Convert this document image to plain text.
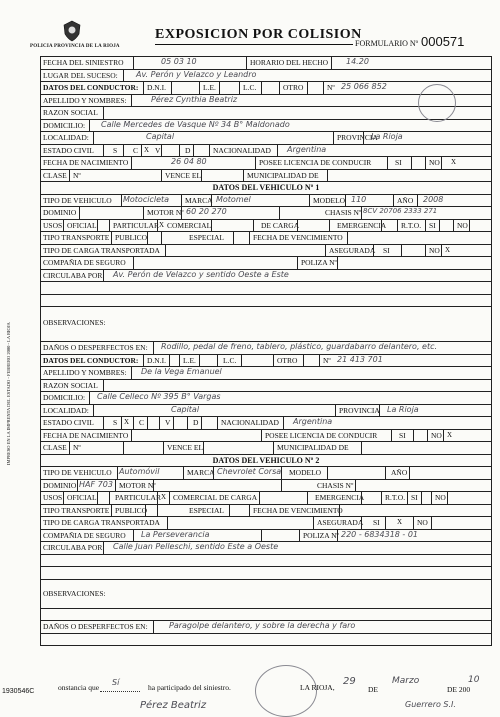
POLICIA PROVINCIA DE LA RIOJA
EXPOSICION POR COLISION
FORMULARIO Nº 000571
IMPRESO EN LA IMPRENTA DEL ESTADO - FEBRERO 2000 - LA RIOJA
FECHA DEL SINIESTRO	05 03 10	HORARIO DEL HECHO 14.20
LUGAR DEL SUCESO: Av. Perón y Velazco y Leandro
DATOS DEL CONDUCTOR: D.N.I.	L.E.	L.C.	OTRO	Nº 25 066 852
APELLIDO Y NOMBRES:	Pérez Cynthia Beatriz
RAZON SOCIAL
DOMICILIO: Calle Mercedes de Vasque Nº 34 B° Maldonado
LOCALIDAD:	Capital	PROVINCIA
La Rioja
ESTADO CIVIL	S C X V	D	NACIONALIDAD Argentina
FECHA DE NACIMIENTO	26 04 80	POSEE LICENCIA DE CONDUCIR	SI	NO X
CLASE Nº	VENCE EL	MUNICIPALIDAD DE
DATOS DEL VEHICULO Nº 1
TIPO DE VEHICULO Motocicleta MARCA Motomel	MODELO 110	AÑO 2008
DOMINIO	MOTOR Nº 60 20 270	CHASIS Nº 8CV 20706 2333 271
USOS OFICIAL PARTICULAR X COMERCIAL	DE CARGA	EMERGENCIA R.T.O. SI	NO
TIPO TRANSPORTE PUBLICO	ESPECIAL	FECHA DE VENCIMIENTO
TIPO DE CARGA TRANSPORTADA	ASEGURADA SI	NO X
COMPAÑIA DE SEGURO	POLIZA Nº
CIRCULABA POR Av. Perón de Velazco y sentido Oeste a Este
OBSERVACIONES:
DAÑOS O DESPERFECTOS EN: Rodillo, pedal de freno, tablero, plástico, guardabarro delantero, etc.
DATOS DEL CONDUCTOR: D.N.I. L.E.	L.C.	OTRO	Nº 21 413 701
APELLIDO Y NOMBRES: De la Vega Emanuel
RAZON SOCIAL
DOMICILIO: Calle Celleco Nº 395 B° Vargas
LOCALIDAD:	Capital	PROVINCIA La Rioja
ESTADO CIVIL	S X C	V	D	NACIONALIDAD Argentina
FECHA DE NACIMIENTO	POSEE LICENCIA DE CONDUCIR	SI	NO X
CLASE Nº	VENCE EL	MUNICIPALIDAD DE
DATOS DEL VEHICULO Nº 2
TIPO DE VEHICULO Automóvil	MARCA Chevrolet Corsa MODELO	AÑO
DOMINIO HAF 703 MOTOR Nº	CHASIS Nº
USOS OFICIAL PARTICULAR X COMERCIAL DE CARGA	EMERGENCIA	R.T.O. SI NO
TIPO TRANSPORTE PUBLICO	ESPECIAL	FECHA DE VENCIMIENTO
TIPO DE CARGA TRANSPORTADA	ASEGURADA SI X NO
COMPAÑIA DE SEGURO La Perseverancia	POLIZA Nº 220 - 6834318 - 01
CIRCULABA POR Calle Juan Pelleschi, sentido Este a Oeste
OBSERVACIONES:
DAÑOS O DESPERFECTOS EN:	Paragolpe delantero, y sobre la derecha y faro
1930546C	onstancia que
Sí
ha participado del siniestro.	LA RIOJA,
29
DE
Marzo
DE 200
10
Pérez Beatriz	Guerrero S.I.
